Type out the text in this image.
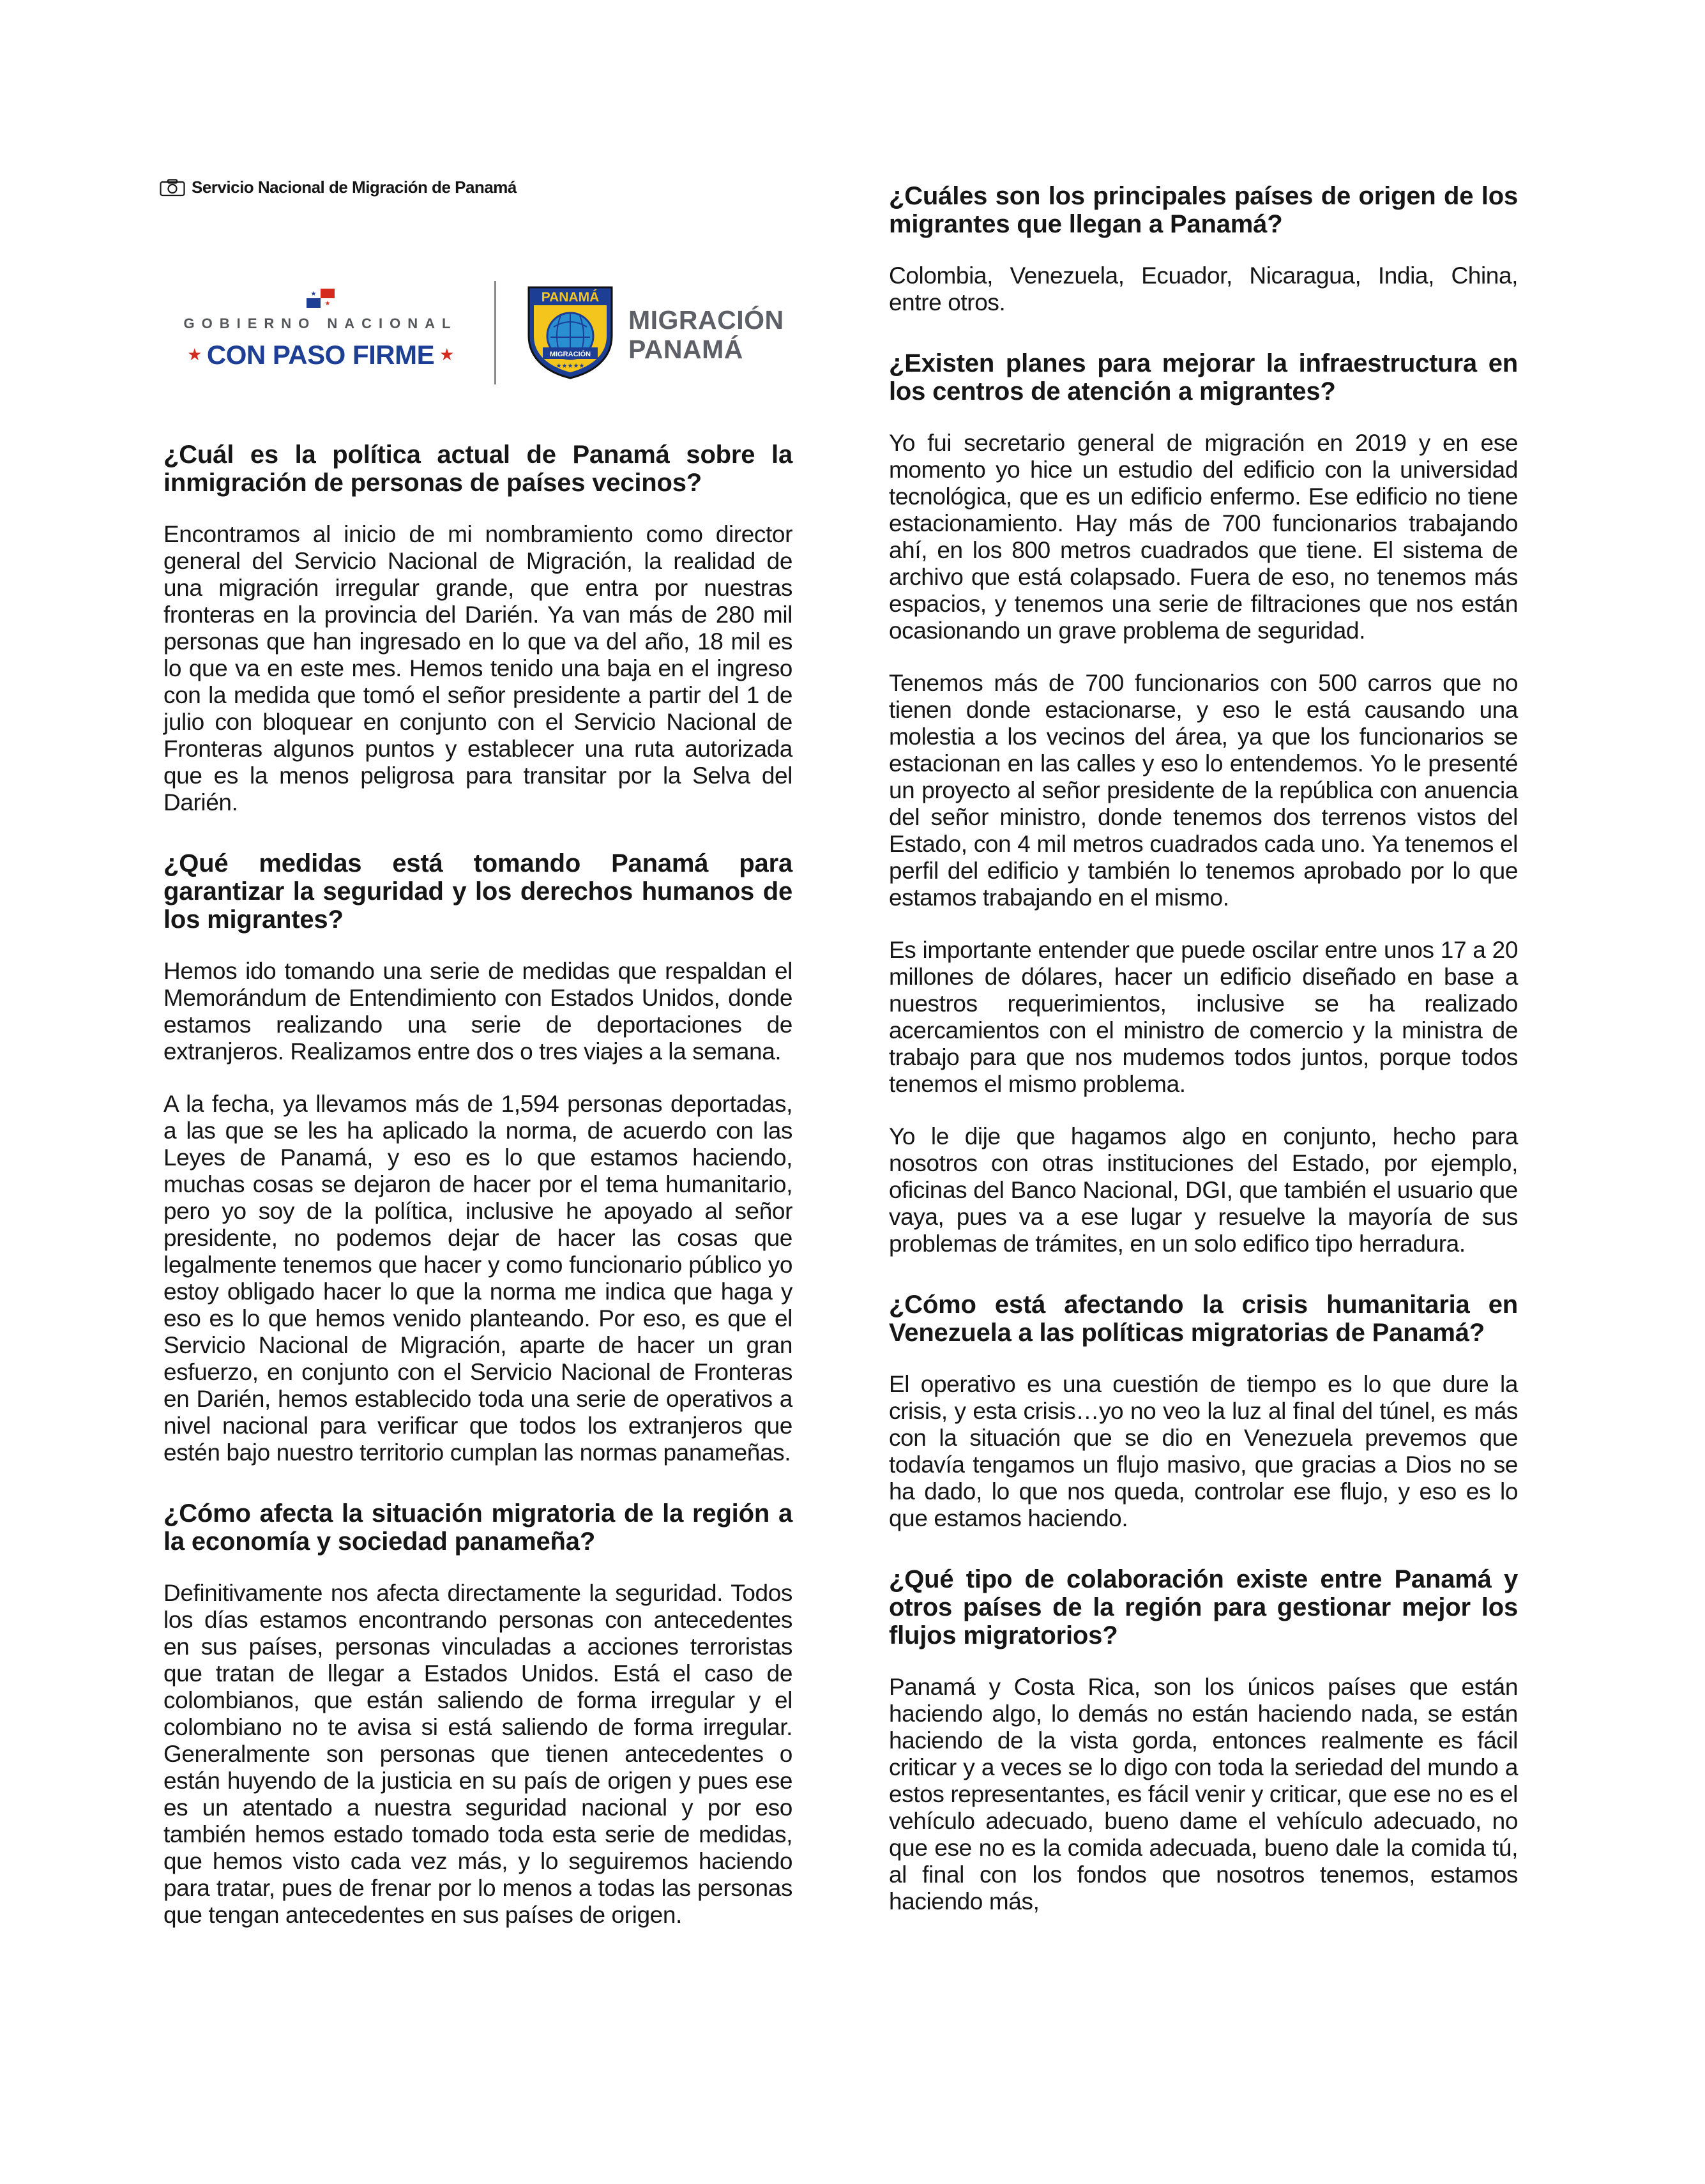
Servicio Nacional de Migración de Panamá
★
★
GOBIERNO NACIONAL
★ CON PASO FIRME ★
PANAMÁ
MIGRACIÓN
★★★★★
MIGRACIÓN
PANAMÁ
¿Cuál es la política actual de Panamá sobre la inmigración de personas de países vecinos?

Encontramos al inicio de mi nombramiento como director general del Servicio Nacional de Migración, la realidad de una migración irregular grande, que entra por nuestras fronteras en la provincia del Darién. Ya van más de 280 mil personas que han ingresado en lo que va del año, 18 mil es lo que va en este mes. Hemos tenido una baja en el ingreso con la medida que tomó el señor presidente a partir del 1 de julio con bloquear en conjunto con el Servicio Nacional de Fronteras algunos puntos y establecer una ruta autorizada que es la menos peligrosa para transitar por la Selva del Darién.

¿Qué medidas está tomando Panamá para garantizar la seguridad y los derechos humanos de los migrantes?

Hemos ido tomando una serie de medidas que respaldan el Memorándum de Entendimiento con Estados Unidos, donde estamos realizando una serie de deportaciones de extranjeros. Realizamos entre dos o tres viajes a la semana.

A la fecha, ya llevamos más de 1,594 personas deportadas, a las que se les ha aplicado la norma, de acuerdo con las Leyes de Panamá, y eso es lo que estamos haciendo, muchas cosas se dejaron de hacer por el tema humanitario, pero yo soy de la política, inclusive he apoyado al señor presidente, no podemos dejar de hacer las cosas que legalmente tenemos que hacer y como funcionario público yo estoy obligado hacer lo que la norma me indica que haga y eso es lo que hemos venido planteando. Por eso, es que el Servicio Nacional de Migración, aparte de hacer un gran esfuerzo, en conjunto con el Servicio Nacional de Fronteras en Darién, hemos establecido toda una serie de operativos a nivel nacional para verificar que todos los extranjeros que estén bajo nuestro territorio cumplan las normas panameñas.

¿Cómo afecta la situación migratoria de la región a la economía y sociedad panameña?

Definitivamente nos afecta directamente la seguridad. Todos los días estamos encontrando personas con antecedentes en sus países, personas vinculadas a acciones terroristas que tratan de llegar a Estados Unidos. Está el caso de colombianos, que están saliendo de forma irregular y el colombiano no te avisa si está saliendo de forma irregular. Generalmente son personas que tienen antecedentes o están huyendo de la justicia en su país de origen y pues ese es un atentado a nuestra seguridad nacional y por eso también hemos estado tomado toda esta serie de medidas, que hemos visto cada vez más, y lo seguiremos haciendo para tratar, pues de frenar por lo menos a todas las personas que tengan antecedentes en sus países de origen.

¿Cuáles son los principales países de origen de los migrantes que llegan a Panamá?

Colombia, Venezuela, Ecuador, Nicaragua, India, China, entre otros.

¿Existen planes para mejorar la infraestructura en los centros de atención a migrantes?

Yo fui secretario general de migración en 2019 y en ese momento yo hice un estudio del edificio con la universidad tecnológica, que es un edificio enfermo. Ese edificio no tiene estacionamiento. Hay más de 700 funcionarios trabajando ahí, en los 800 metros cuadrados que tiene. El sistema de archivo que está colapsado. Fuera de eso, no tenemos más espacios, y tenemos una serie de filtraciones que nos están ocasionando un grave problema de seguridad.

Tenemos más de 700 funcionarios con 500 carros que no tienen donde estacionarse, y eso le está causando una molestia a los vecinos del área, ya que los funcionarios se estacionan en las calles y eso lo entendemos. Yo le presenté un proyecto al señor presidente de la república con anuencia del señor ministro, donde tenemos dos terrenos vistos del Estado, con 4 mil metros cuadrados cada uno. Ya tenemos el perfil del edificio y también lo tenemos aprobado por lo que estamos trabajando en el mismo.

Es importante entender que puede oscilar entre unos 17 a 20 millones de dólares, hacer un edificio diseñado en base a nuestros requerimientos, inclusive se ha realizado acercamientos con el ministro de comercio y la ministra de trabajo para que nos mudemos todos juntos, porque todos tenemos el mismo problema.

Yo le dije que hagamos algo en conjunto, hecho para nosotros con otras instituciones del Estado, por ejemplo, oficinas del Banco Nacional, DGI, que también el usuario que vaya, pues va a ese lugar y resuelve la mayoría de sus problemas de trámites, en un solo edifico tipo herradura.

¿Cómo está afectando la crisis humanitaria en Venezuela a las políticas migratorias de Panamá?

El operativo es una cuestión de tiempo es lo que dure la crisis, y esta crisis…yo no veo la luz al final del túnel, es más con la situación que se dio en Venezuela prevemos que todavía tengamos un flujo masivo, que gracias a Dios no se ha dado, lo que nos queda, controlar ese flujo, y eso es lo que estamos haciendo.

¿Qué tipo de colaboración existe entre Panamá y otros países de la región para gestionar mejor los flujos migratorios?

Panamá y Costa Rica, son los únicos países que están haciendo algo, lo demás no están haciendo nada, se están haciendo de la vista gorda, entonces realmente es fácil criticar y a veces se lo digo con toda la seriedad del mundo a estos representantes, es fácil venir y criticar, que ese no es el vehículo adecuado, bueno dame el vehículo adecuado, no que ese no es la comida adecuada, bueno dale la comida tú, al final con los fondos que nosotros tenemos, estamos haciendo más,
